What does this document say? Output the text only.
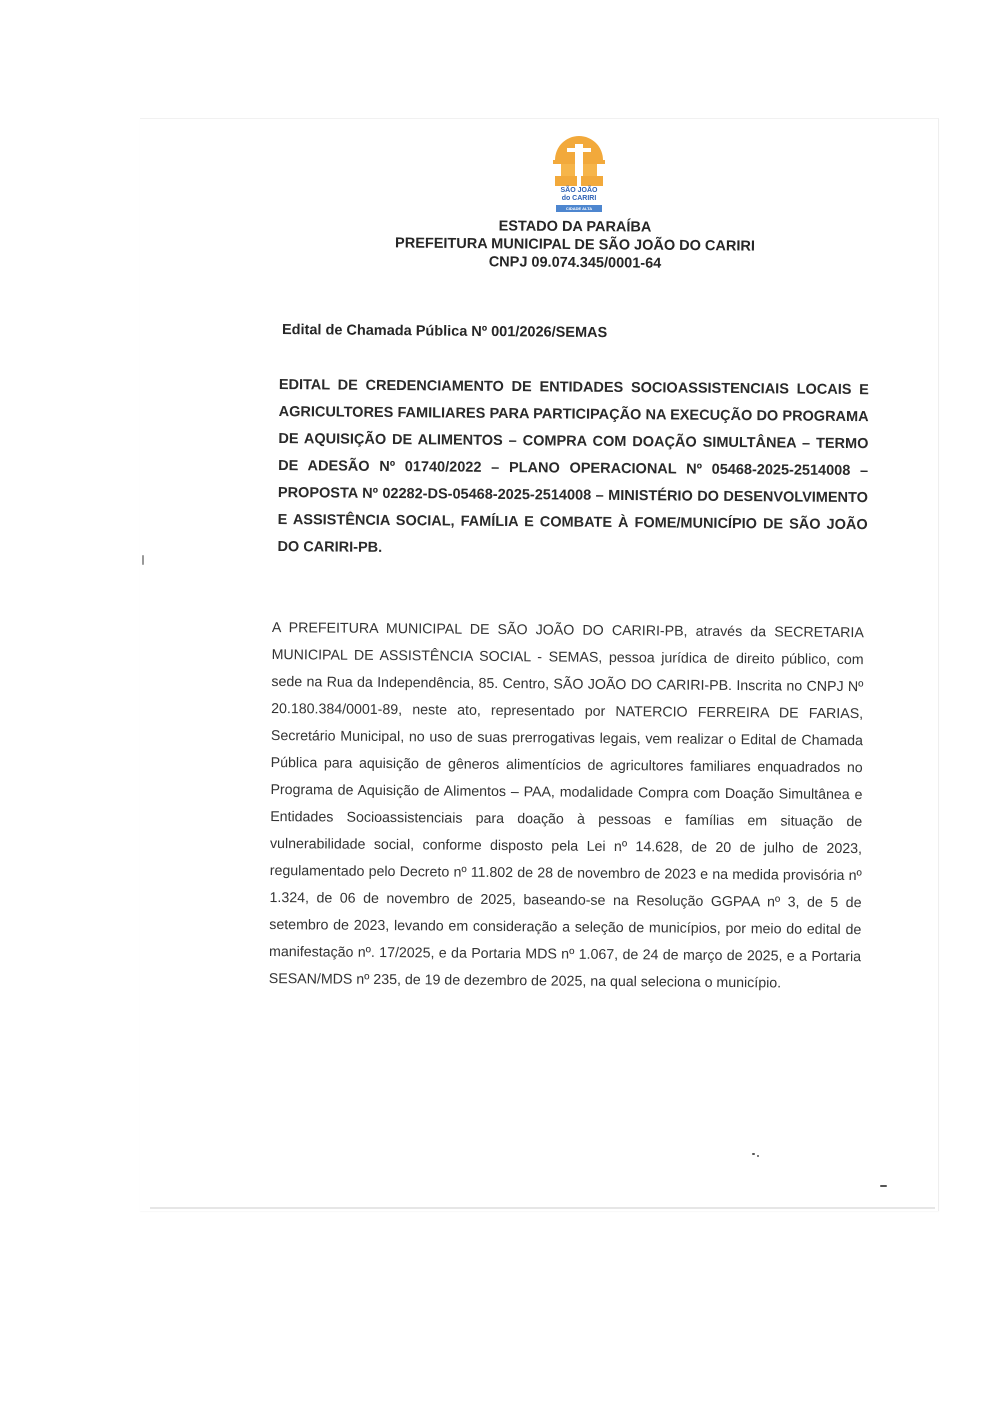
SÃO JOÃO
do CARIRI
CIDADE ALTA
ESTADO DA PARAÍBA
PREFEITURA MUNICIPAL DE SÃO JOÃO DO CARIRI
CNPJ 09.074.345/0001-64
Edital de Chamada Pública Nº 001/2026/SEMAS
EDITAL DE CREDENCIAMENTO DE ENTIDADES SOCIOASSISTENCIAIS LOCAIS E AGRICULTORES FAMILIARES PARA PARTICIPAÇÃO NA EXECUÇÃO DO PROGRAMA DE AQUISIÇÃO DE ALIMENTOS – COMPRA COM DOAÇÃO SIMULTÂNEA – TERMO DE ADESÃO Nº 01740/2022 – PLANO OPERACIONAL Nº 05468-2025-2514008 – PROPOSTA Nº 02282-DS-05468-2025-2514008 – MINISTÉRIO DO DESENVOLVIMENTO E ASSISTÊNCIA SOCIAL, FAMÍLIA E COMBATE À FOME/MUNICÍPIO DE SÃO JOÃO DO CARIRI-PB.
A PREFEITURA MUNICIPAL DE SÃO JOÃO DO CARIRI-PB, através da SECRETARIA MUNICIPAL DE ASSISTÊNCIA SOCIAL - SEMAS, pessoa jurídica de direito público, com sede na Rua da Independência, 85. Centro, SÃO JOÃO DO CARIRI-PB. Inscrita no CNPJ Nº 20.180.384/0001-89, neste ato, representado por NATERCIO FERREIRA DE FARIAS, Secretário Municipal, no uso de suas prerrogativas legais, vem realizar o Edital de Chamada Pública para aquisição de gêneros alimentícios de agricultores familiares enquadrados no Programa de Aquisição de Alimentos – PAA, modalidade Compra com Doação Simultânea e Entidades Socioassistenciais para doação à pessoas e famílias em situação de vulnerabilidade social, conforme disposto pela Lei nº 14.628, de 20 de julho de 2023, regulamentado pelo Decreto nº 11.802 de 28 de novembro de 2023 e na medida provisória nº 1.324, de 06 de novembro de 2025, baseando-se na Resolução GGPAA nº 3, de 5 de setembro de 2023, levando em consideração a seleção de municípios, por meio do edital de manifestação nº. 17/2025, e da Portaria MDS nº 1.067, de 24 de março de 2025, e a Portaria SESAN/MDS nº 235, de 19 de dezembro de 2025, na qual seleciona o município.
